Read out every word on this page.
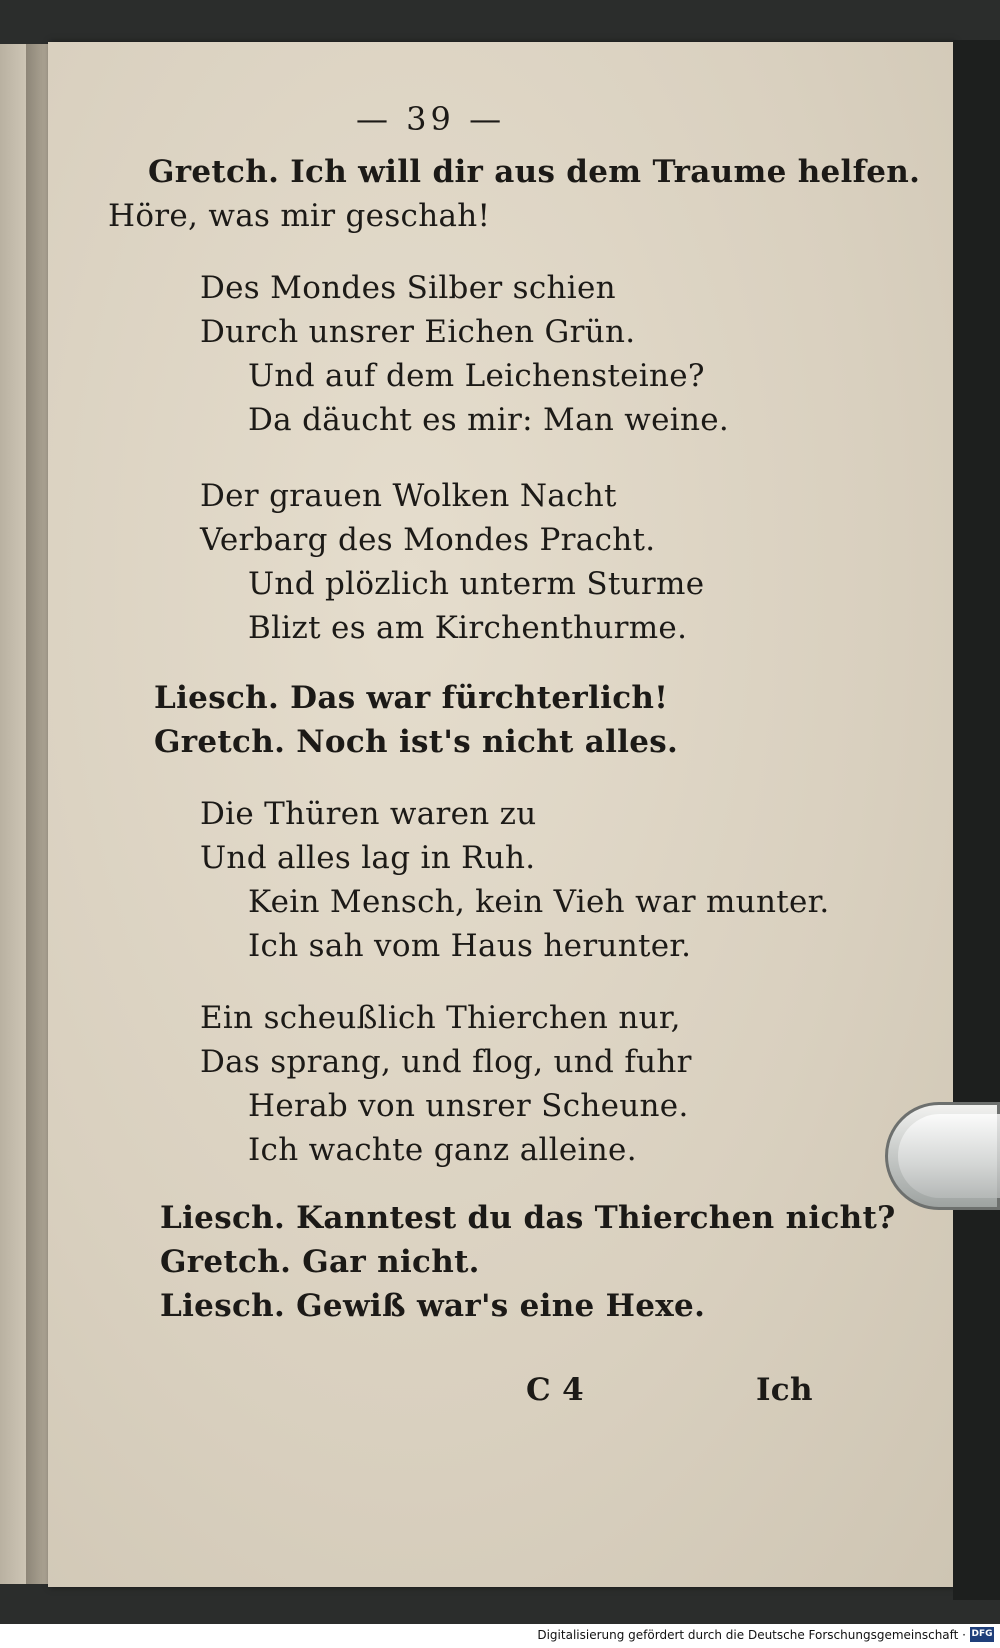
— 39 —
Gretch. Ich will dir aus dem Traume helfen.
Höre, was mir geschah!
Des Mondes Silber schien
Durch unsrer Eichen Grün.
Und auf dem Leichensteine?
Da däucht es mir: Man weine.
Der grauen Wolken Nacht
Verbarg des Mondes Pracht.
Und plözlich unterm Sturme
Blizt es am Kirchenthurme.
Liesch. Das war fürchterlich!
Gretch. Noch ist's nicht alles.
Die Thüren waren zu
Und alles lag in Ruh.
Kein Mensch, kein Vieh war munter.
Ich sah vom Haus herunter.
Ein scheußlich Thierchen nur,
Das sprang, und flog, und fuhr
Herab von unsrer Scheune.
Ich wachte ganz alleine.
Liesch. Kanntest du das Thierchen nicht?
Gretch. Gar nicht.
Liesch. Gewiß war's eine Hexe.
C 4	Ich
Digitalisierung gefördert durch die Deutsche Forschungsgemeinschaft · DFG
